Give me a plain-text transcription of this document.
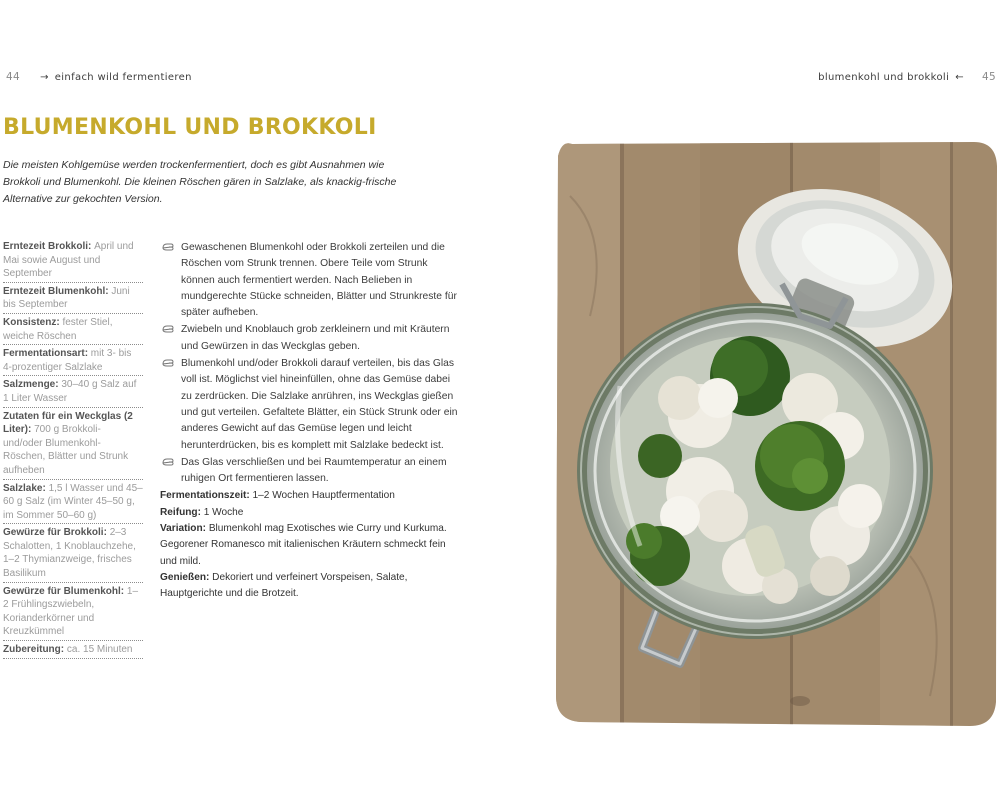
44 → einfach wild fermentieren	blumenkohl und brokkoli ← 45
BLUMENKOHL UND BROKKOLI

Die meisten Kohlgemüse werden trockenfermentiert, doch es gibt Ausnahmen wie Brokkoli und Blumenkohl. Die kleinen Röschen gären in Salzlake, als knackig-frische Alternative zur gekochten Version.

Erntezeit Brokkoli: April und Mai sowie August und September
Erntezeit Blumenkohl: Juni bis September
Konsistenz: fester Stiel, weiche Röschen
Fermentationsart: mit 3- bis 4-prozentiger Salzlake
Salzmenge: 30–40 g Salz auf 1 Liter Wasser
Zutaten für ein Weckglas (2 Liter): 700 g Brokkoli- und/oder Blumenkohl-Röschen, Blätter und Strunk aufheben
Salzlake: 1,5 l Wasser und 45–60 g Salz (im Winter 45–50 g, im Sommer 50–60 g)
Gewürze für Brokkoli: 2–3 Schalotten, 1 Knoblauchzehe, 1–2 Thymianzweige, frisches Basilikum
Gewürze für Blumenkohl: 1–2 Frühlingszwiebeln, Korianderkörner und Kreuzkümmel
Zubereitung: ca. 15 Minuten
Gewaschenen Blumenkohl oder Brokkoli zerteilen und die Röschen vom Strunk trennen. Obere Teile vom Strunk können auch fermentiert werden. Nach Belieben in mundgerechte Stücke schneiden, Blätter und Strunkreste für später aufheben.
Zwiebeln und Knoblauch grob zerkleinern und mit Kräutern und Gewürzen in das Weckglas geben.
Blumenkohl und/oder Brokkoli darauf verteilen, bis das Glas voll ist. Möglichst viel hineinfüllen, ohne das Gemüse dabei zu zerdrücken. Die Salzlake anrühren, ins Weckglas gießen und gut verteilen. Gefaltete Blätter, ein Stück Strunk oder ein anderes Gewicht auf das Gemüse legen und leicht herunterdrücken, bis es komplett mit Salzlake bedeckt ist.
Das Glas verschließen und bei Raumtemperatur an einem ruhigen Ort fermentieren lassen.

Fermentationszeit: 1–2 Wochen Hauptfermentation

Reifung: 1 Woche

Variation: Blumenkohl mag Exotisches wie Curry und Kurkuma. Gegorener Romanesco mit italienischen Kräutern schmeckt fein und mild.

Genießen: Dekoriert und verfeinert Vorspeisen, Salate, Hauptgerichte und die Brotzeit.
